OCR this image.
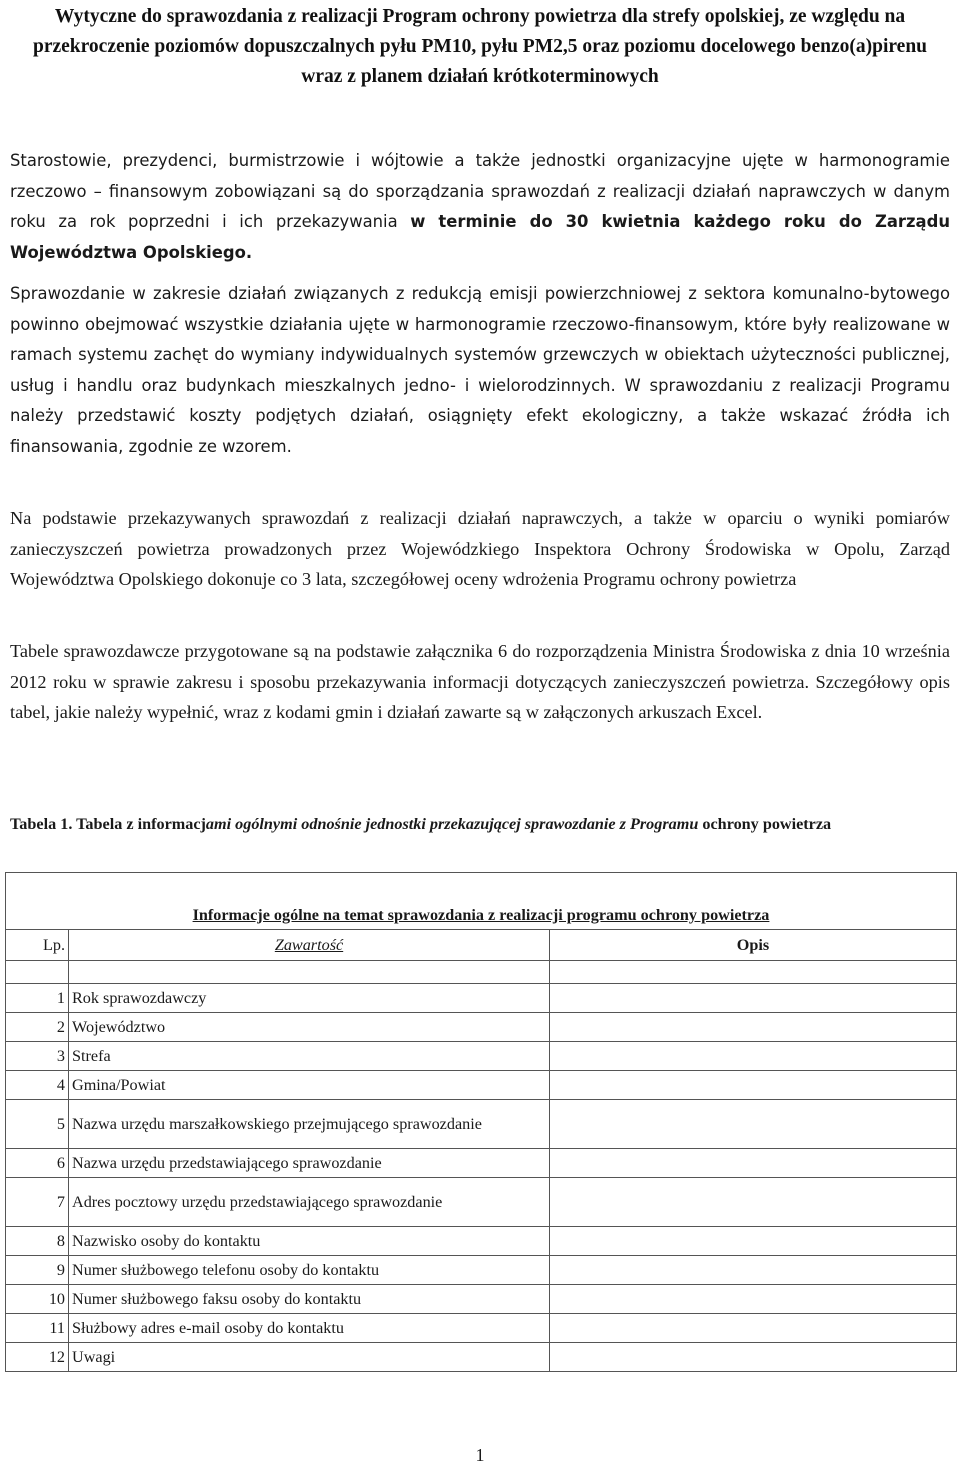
Wytyczne do sprawozdania z realizacji Program ochrony powietrza dla strefy opolskiej, ze względu na przekroczenie poziomów dopuszczalnych pyłu PM10, pyłu PM2,5 oraz poziomu docelowego benzo(a)pirenu wraz z planem działań krótkoterminowych

Starostowie, prezydenci, burmistrzowie i wójtowie a także jednostki organizacyjne ujęte w harmonogramie rzeczowo – finansowym zobowiązani są do sporządzania sprawozdań z realizacji działań naprawczych w danym roku za rok poprzedni i ich przekazywania w terminie do 30 kwietnia każdego roku do Zarządu Województwa Opolskiego.

Sprawozdanie w zakresie działań związanych z redukcją emisji powierzchniowej z sektora komunalno-bytowego powinno obejmować wszystkie działania ujęte w harmonogramie rzeczowo-finansowym, które były realizowane w ramach systemu zachęt do wymiany indywidualnych systemów grzewczych w obiektach użyteczności publicznej, usług i handlu oraz budynkach mieszkalnych jedno- i wielorodzinnych. W sprawozdaniu z realizacji Programu należy przedstawić koszty podjętych działań, osiągnięty efekt ekologiczny, a także wskazać źródła ich finansowania, zgodnie ze wzorem.

Na podstawie przekazywanych sprawozdań z realizacji działań naprawczych, a także w oparciu o wyniki pomiarów zanieczyszczeń powietrza prowadzonych przez Wojewódzkiego Inspektora Ochrony Środowiska w Opolu, Zarząd Województwa Opolskiego dokonuje co 3 lata, szczegółowej oceny wdrożenia Programu ochrony powietrza

Tabele sprawozdawcze przygotowane są na podstawie załącznika 6 do rozporządzenia Ministra Środowiska z dnia 10 września 2012 roku w sprawie zakresu i sposobu przekazywania informacji dotyczących zanieczyszczeń powietrza. Szczegółowy opis tabel, jakie należy wypełnić, wraz z kodami gmin i działań zawarte są w załączonych arkuszach Excel.

Tabela 1. Tabela z informacjami ogólnymi odnośnie jednostki przekazującej sprawozdanie z Programu ochrony powietrza
Informacje ogólne na temat sprawozdania z realizacji programu ochrony powietrza		
Lp.	Zawartość	Opis

1	Rok sprawozdawczy	
2	Województwo	
3	Strefa	
4	Gmina/Powiat	
5	Nazwa urzędu marszałkowskiego przejmującego sprawozdanie	
6	Nazwa urzędu przedstawiającego sprawozdanie	
7	Adres pocztowy urzędu przedstawiającego sprawozdanie	
8	Nazwisko osoby do kontaktu	
9	Numer służbowego telefonu osoby do kontaktu	
10	Numer służbowego faksu osoby do kontaktu	
11	Służbowy adres e-mail osoby do kontaktu	
12	Uwagi	
1
